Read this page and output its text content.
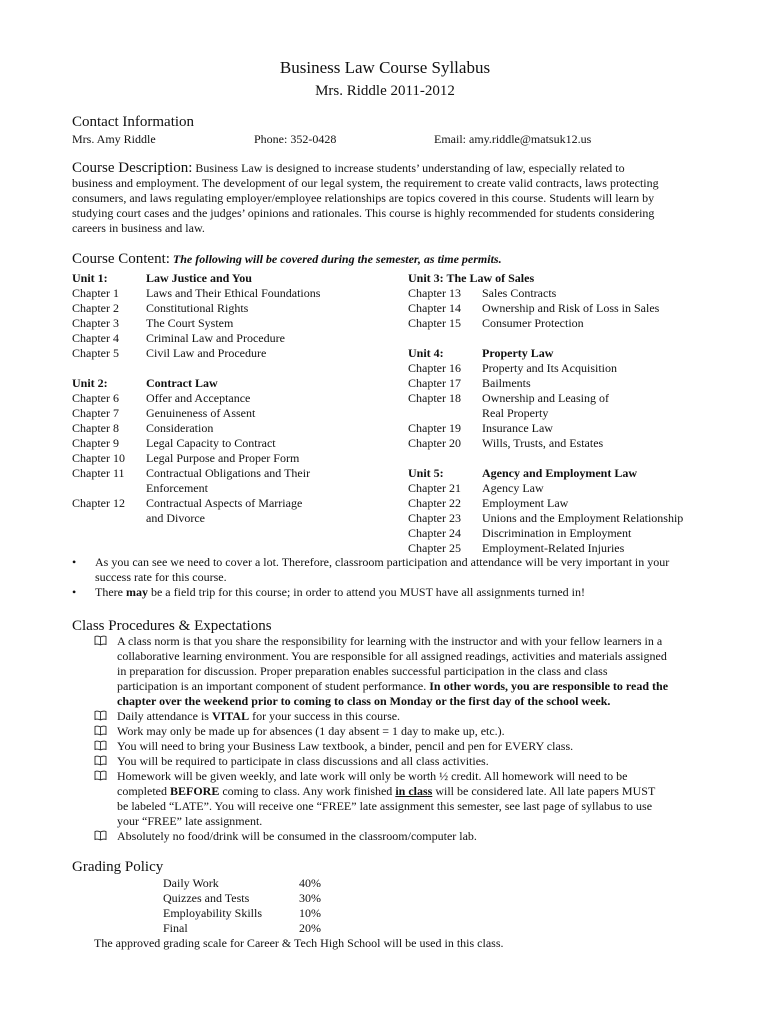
Business Law Course Syllabus
Mrs. Riddle 2011-2012
Contact Information
Mrs. Amy Riddle	Phone: 352-0428	Email: amy.riddle@matsuk12.us
Course Description: Business Law is designed to increase students’ understanding of law, especially related to
business and employment. The development of our legal system, the requirement to create valid contracts, laws protecting
consumers, and laws regulating employer/employee relationships are topics covered in this course. Students will learn by
studying court cases and the judges’ opinions and rationales. This course is highly recommended for students considering
careers in business and law.
Course Content: The following will be covered during the semester, as time permits.
Unit 1:	Law Justice and You
Chapter 1	Laws and Their Ethical Foundations
Chapter 2	Constitutional Rights
Chapter 3	The Court System
Chapter 4	Criminal Law and Procedure
Chapter 5	Civil Law and Procedure
Unit 2:	Contract Law
Chapter 6	Offer and Acceptance
Chapter 7	Genuineness of Assent
Chapter 8	Consideration
Chapter 9	Legal Capacity to Contract
Chapter 10	Legal Purpose and Proper Form
Chapter 11	Contractual Obligations and Their
Enforcement
Chapter 12	Contractual Aspects of Marriage
and Divorce
Unit 3: The Law of Sales
Chapter 13	Sales Contracts
Chapter 14	Ownership and Risk of Loss in Sales
Chapter 15	Consumer Protection
Unit 4:	Property Law
Chapter 16	Property and Its Acquisition
Chapter 17	Bailments
Chapter 18	Ownership and Leasing of
Real Property
Chapter 19	Insurance Law
Chapter 20	Wills, Trusts, and Estates
Unit 5:	Agency and Employment Law
Chapter 21	Agency Law
Chapter 22	Employment Law
Chapter 23	Unions and the Employment Relationship
Chapter 24	Discrimination in Employment
Chapter 25	Employment-Related Injuries
• As you can see we need to cover a lot. Therefore, classroom participation and attendance will be very important in your
success rate for this course.
• There may be a field trip for this course; in order to attend you MUST have all assignments turned in!
Class Procedures & Expectations
A class norm is that you share the responsibility for learning with the instructor and with your fellow learners in a
collaborative learning environment. You are responsible for all assigned readings, activities and materials assigned
in preparation for discussion. Proper preparation enables successful participation in the class and class
participation is an important component of student performance. In other words, you are responsible to read the
chapter over the weekend prior to coming to class on Monday or the first day of the school week.
Daily attendance is VITAL for your success in this course.
Work may only be made up for absences (1 day absent = 1 day to make up, etc.).
You will need to bring your Business Law textbook, a binder, pencil and pen for EVERY class.
You will be required to participate in class discussions and all class activities.
Homework will be given weekly, and late work will only be worth ½ credit. All homework will need to be
completed BEFORE coming to class. Any work finished in class will be considered late. All late papers MUST
be labeled “LATE”. You will receive one “FREE” late assignment this semester, see last page of syllabus to use
your “FREE” late assignment.
Absolutely no food/drink will be consumed in the classroom/computer lab.
Grading Policy
Daily Work	40%
Quizzes and Tests	30%
Employability Skills	10%
Final	20%
The approved grading scale for Career & Tech High School will be used in this class.
